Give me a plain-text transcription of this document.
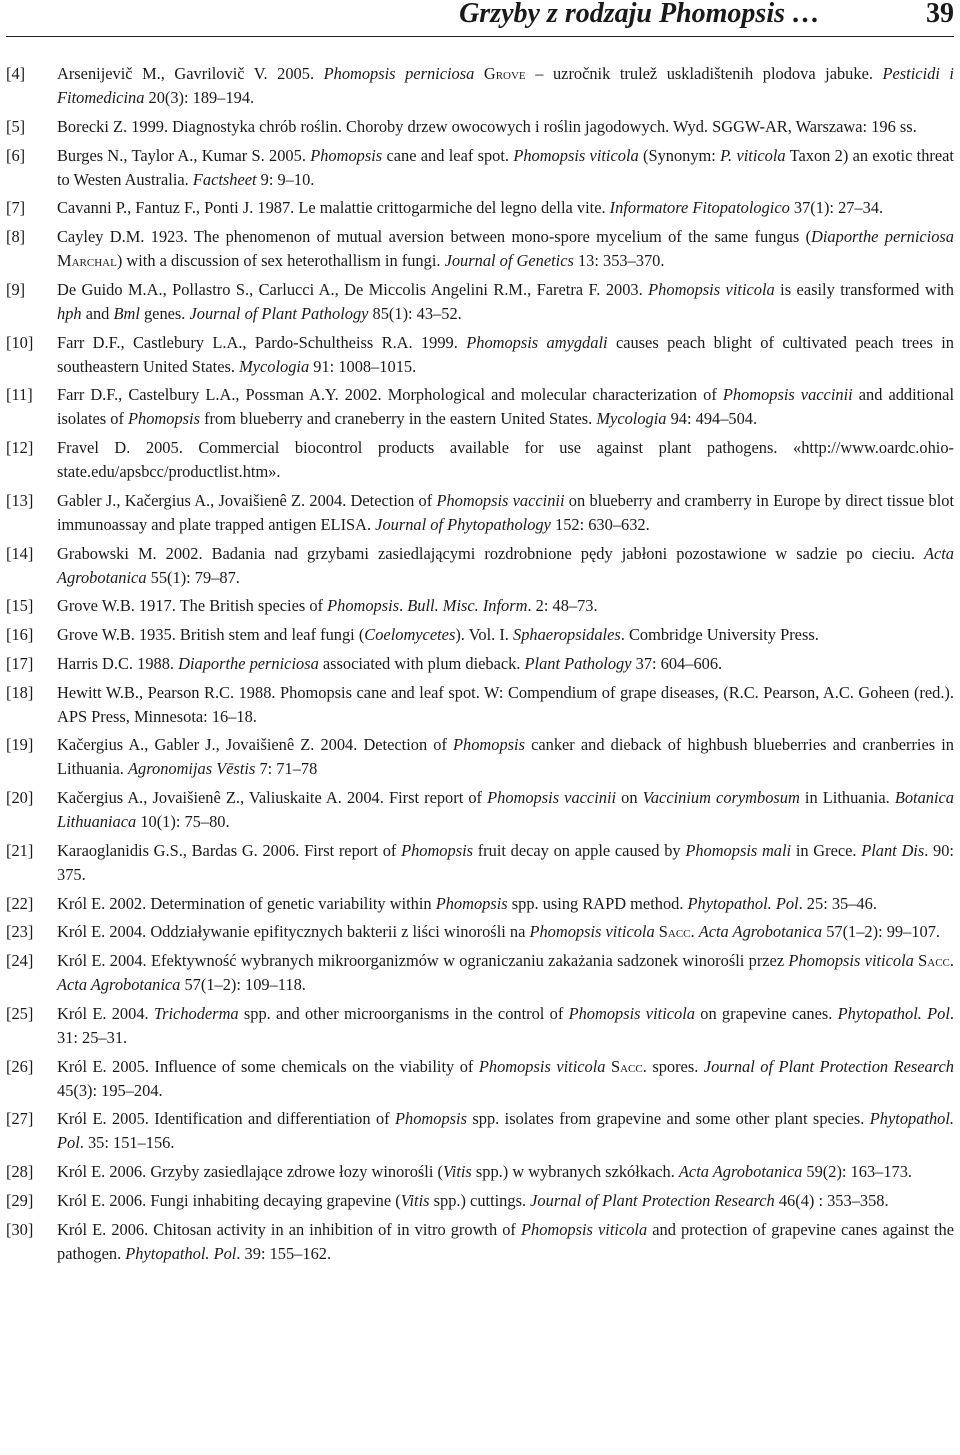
Grzyby z rodzaju Phomopsis …	39
[4] Arsenijevič M., Gavrilovič V. 2005. Phomopsis perniciosa Grove – uzročnik trulež uskladištenih plodova jabuke. Pesticidi i Fitomedicina 20(3): 189–194.
[5] Borecki Z. 1999. Diagnostyka chrób roślin. Choroby drzew owocowych i roślin jagodowych. Wyd. SGGW-AR, Warszawa: 196 ss.
[6] Burges N., Taylor A., Kumar S. 2005. Phomopsis cane and leaf spot. Phomopsis viticola (Synonym: P. viticola Taxon 2) an exotic threat to Westen Australia. Factsheet 9: 9–10.
[7] Cavanni P., Fantuz F., Ponti J. 1987. Le malattie crittogarmiche del legno della vite. Informatore Fitopatologico 37(1): 27–34.
[8] Cayley D.M. 1923. The phenomenon of mutual aversion between mono-spore mycelium of the same fungus (Diaporthe perniciosa Marchal) with a discussion of sex heterothallism in fungi. Journal of Genetics 13: 353–370.
[9] De Guido M.A., Pollastro S., Carlucci A., De Miccolis Angelini R.M., Faretra F. 2003. Phomopsis viticola is easily transformed with hph and Bml genes. Journal of Plant Pathology 85(1): 43–52.
[10] Farr D.F., Castlebury L.A., Pardo-Schultheiss R.A. 1999. Phomopsis amygdali causes peach blight of cultivated peach trees in southeastern United States. Mycologia 91: 1008–1015.
[11] Farr D.F., Castelbury L.A., Possman A.Y. 2002. Morphological and molecular characterization of Phomopsis vaccinii and additional isolates of Phomopsis from blueberry and craneberry in the eastern United States. Mycologia 94: 494–504.
[12] Fravel D. 2005. Commercial biocontrol products available for use against plant pathogens. «http://www.oardc.ohio-state.edu/apsbcc/productlist.htm».
[13] Gabler J., Kačergius A., Jovaišienê Z. 2004. Detection of Phomopsis vaccinii on blueberry and cramberry in Europe by direct tissue blot immunoassay and plate trapped antigen ELISA. Journal of Phytopathology 152: 630–632.
[14] Grabowski M. 2002. Badania nad grzybami zasiedlającymi rozdrobnione pędy jabłoni pozostawione w sadzie po cieciu. Acta Agrobotanica 55(1): 79–87.
[15] Grove W.B. 1917. The British species of Phomopsis. Bull. Misc. Inform. 2: 48–73.
[16] Grove W.B. 1935. British stem and leaf fungi (Coelomycetes). Vol. I. Sphaeropsidales. Combridge University Press.
[17] Harris D.C. 1988. Diaporthe perniciosa associated with plum dieback. Plant Pathology 37: 604–606.
[18] Hewitt W.B., Pearson R.C. 1988. Phomopsis cane and leaf spot. W: Compendium of grape diseases, (R.C. Pearson, A.C. Goheen (red.). APS Press, Minnesota: 16–18.
[19] Kačergius A., Gabler J., Jovaišienê Z. 2004. Detection of Phomopsis canker and dieback of highbush blueberries and cranberries in Lithuania. Agronomijas Vēstis 7: 71–78
[20] Kačergius A., Jovaišienê Z., Valiuskaite A. 2004. First report of Phomopsis vaccinii on Vaccinium corymbosum in Lithuania. Botanica Lithuaniaca 10(1): 75–80.
[21] Karaoglanidis G.S., Bardas G. 2006. First report of Phomopsis fruit decay on apple caused by Phomopsis mali in Grece. Plant Dis. 90: 375.
[22] Król E. 2002. Determination of genetic variability within Phomopsis spp. using RAPD method. Phytopathol. Pol. 25: 35–46.
[23] Król E. 2004. Oddziaływanie epifitycznych bakterii z liści winorośli na Phomopsis viticola Sacc. Acta Agrobotanica 57(1–2): 99–107.
[24] Król E. 2004. Efektywność wybranych mikroorganizmów w ograniczaniu zakażania sadzonek winorośli przez Phomopsis viticola Sacc. Acta Agrobotanica 57(1–2): 109–118.
[25] Król E. 2004. Trichoderma spp. and other microorganisms in the control of Phomopsis viticola on grapevine canes. Phytopathol. Pol. 31: 25–31.
[26] Król E. 2005. Influence of some chemicals on the viability of Phomopsis viticola Sacc. spores. Journal of Plant Protection Research 45(3): 195–204.
[27] Król E. 2005. Identification and differentiation of Phomopsis spp. isolates from grapevine and some other plant species. Phytopathol. Pol. 35: 151–156.
[28] Król E. 2006. Grzyby zasiedlające zdrowe łozy winorośli (Vitis spp.) w wybranych szkółkach. Acta Agrobotanica 59(2): 163–173.
[29] Król E. 2006. Fungi inhabiting decaying grapevine (Vitis spp.) cuttings. Journal of Plant Protection Research 46(4) : 353–358.
[30] Król E. 2006. Chitosan activity in an inhibition of in vitro growth of Phomopsis viticola and protection of grapevine canes against the pathogen. Phytopathol. Pol. 39: 155–162.
